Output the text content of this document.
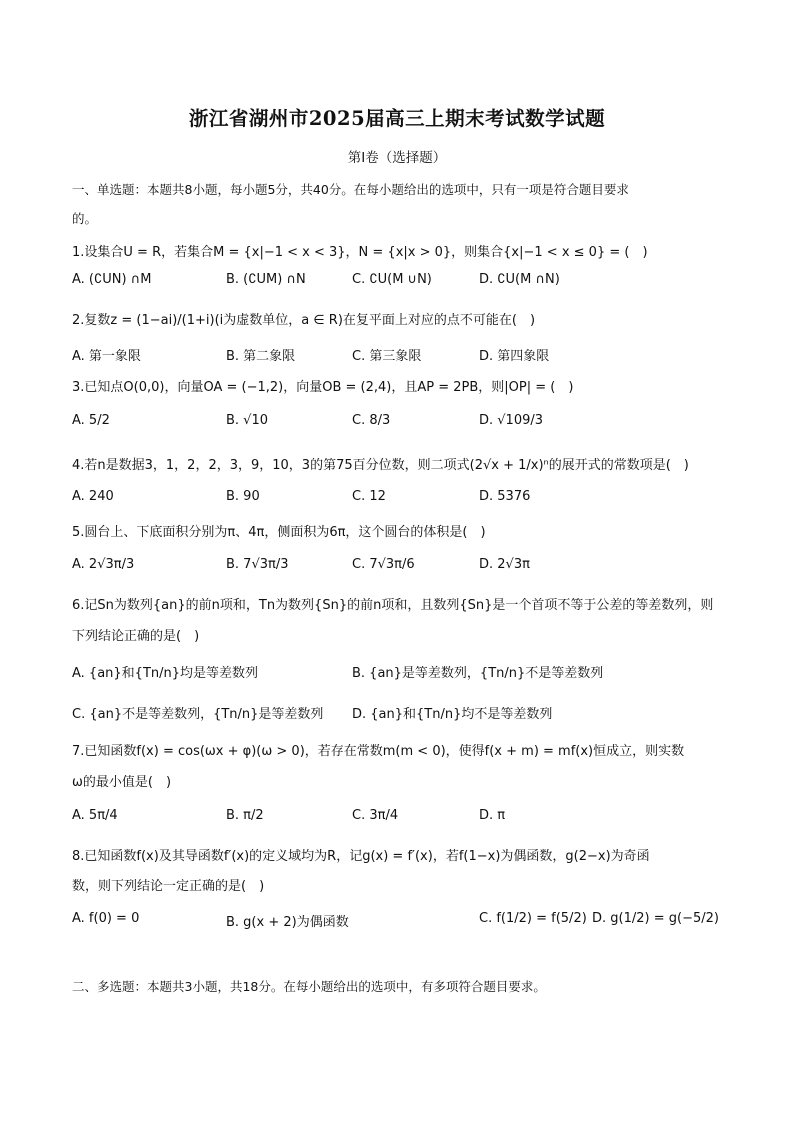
浙江省湖州市2025届高三上期末考试数学试题
第I卷（选择题）
一、单选题：本题共8小题，每小题5分，共40分。在每小题给出的选项中，只有一项是符合题目要求
的。
1.设集合U = R，若集合M = {x|−1 < x < 3}，N = {x|x > 0}，则集合{x|−1 < x ≤ 0} = (　)
A. (∁UN) ∩M	B. (∁UM) ∩N	C. ∁U(M ∪N)	D. ∁U(M ∩N)
2.复数z = (1−ai)/(1+i)(i为虚数单位，a ∈ R)在复平面上对应的点不可能在(　)
A. 第一象限	B. 第二象限	C. 第三象限	D. 第四象限
3.已知点O(0,0)，向量OA = (−1,2)，向量OB = (2,4)，且AP = 2PB，则|OP| = (　)
A. 5/2	B. √10	C. 8/3	D. √109/3
4.若n是数据3，1，2，2，3，9，10，3的第75百分位数，则二项式(2√x + 1/x)ⁿ的展开式的常数项是(　)
A. 240	B. 90	C. 12	D. 5376
5.圆台上、下底面积分别为π、4π，侧面积为6π，这个圆台的体积是(　)
A. 2√3π/3	B. 7√3π/3	C. 7√3π/6	D. 2√3π
6.记Sn为数列{an}的前n项和，Tn为数列{Sn}的前n项和，且数列{Sn}是一个首项不等于公差的等差数列，则
下列结论正确的是(　)
A. {an}和{Tn/n}均是等差数列	B. {an}是等差数列，{Tn/n}不是等差数列
C. {an}不是等差数列，{Tn/n}是等差数列 D. {an}和{Tn/n}均不是等差数列
7.已知函数f(x) = cos(ωx + φ)(ω > 0)，若存在常数m(m < 0)，使得f(x + m) = mf(x)恒成立，则实数
ω的最小值是(　)
A. 5π/4	B. π/2	C. 3π/4	D. π
8.已知函数f(x)及其导函数f′(x)的定义域均为R，记g(x) = f′(x)，若f(1−x)为偶函数，g(2−x)为奇函
数，则下列结论一定正确的是(　)
A. f(0) = 0	B. g(x + 2)为偶函数	C. f(1/2) = f(5/2) D. g(1/2) = g(−5/2)
二、多选题：本题共3小题，共18分。在每小题给出的选项中，有多项符合题目要求。
